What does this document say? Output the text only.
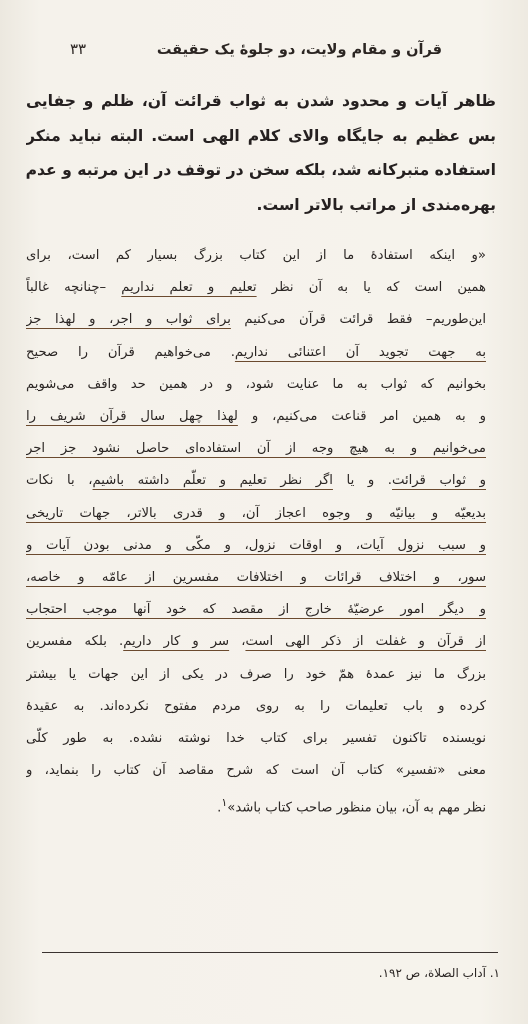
قرآن و مقام ولایت، دو جلوهٔ یک حقیقت
۳۳
ظاهر آیات و محدود شدن به ثواب قرائت آن، ظلم و جفایی
بس عظیم به جایگاه والای کلام الهی است. البته نباید منکر
استفاده متبرکانه شد، بلکه سخن در توقف در این مرتبه و عدم
بهره‌مندی از مراتب بالاتر است.
«و اینکه استفادهٔ ما از این کتاب بزرگ بسیار کم است، برای
همین است که یا به آن نظر تعلیم و تعلم نداریم –چنانچه غالباً
این‌طوریم– فقط قرائت قرآن می‌کنیم برای ثواب و اجر، و لهذا جز
به جهت تجوید آن اعتنائی نداریم. می‌خواهیم قرآن را صحیح
بخوانیم که ثواب به ما عنایت شود، و در همین حد واقف می‌شویم
و به همین امر قناعت می‌کنیم، و لهذا چهل سال قرآن شریف را
می‌خوانیم و به هیچ وجه از آن استفاده‌ای حاصل نشود جز اجر
و ثواب قرائت. و یا اگر نظر تعلیم و تعلّم داشته باشیم، با نکات
بدیعیّه و بیانیّه و وجوه اعجاز آن، و قدری بالاتر، جهات تاریخی
و سبب نزول آیات، و اوقات نزول، و مکّی و مدنی بودن آیات و
سور، و اختلاف قرائات و اختلافات مفسرین از عامّه و خاصه،
و دیگر امور عرضیّهٔ خارج از مقصد که خود آنها موجب احتجاب
از قرآن و غفلت از ذکر الهی است، سر و کار داریم. بلکه مفسرین
بزرگ ما نیز عمدهٔ همّ خود را صرف در یکی از این جهات یا بیشتر
کرده و باب تعلیمات را به روی مردم مفتوح نکرده‌اند. به عقیدهٔ
نویسنده تاکنون تفسیر برای کتاب خدا نوشته نشده. به طور کلّی
معنی «تفسیر» کتاب آن است که شرح مقاصد آن کتاب را بنماید، و
نظر مهم به آن، بیان منظور صاحب کتاب باشد»$^۱$.
۱. آداب الصلاة، ص ۱۹۲.
